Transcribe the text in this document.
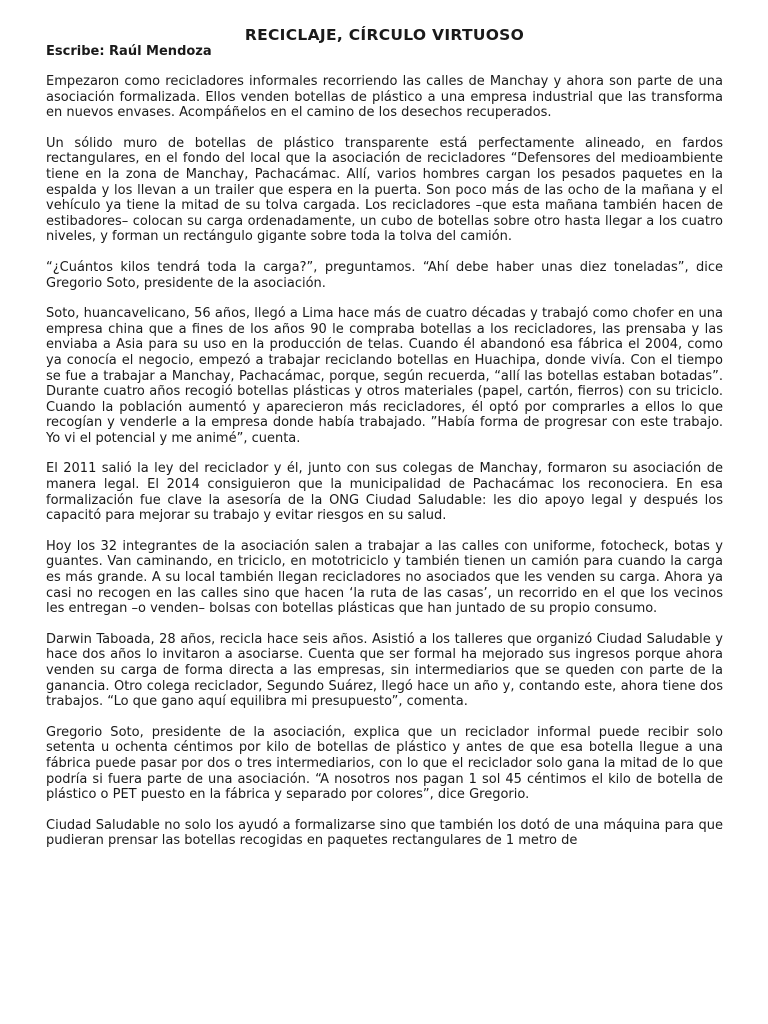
RECICLAJE, CÍRCULO VIRTUOSO
Escribe: Raúl Mendoza

Empezaron como recicladores informales recorriendo las calles de Manchay y ahora son parte de una asociación formalizada. Ellos venden botellas de plástico a una empresa industrial que las transforma en nuevos envases. Acompáñelos en el camino de los desechos recuperados.

Un sólido muro de botellas de plástico transparente está perfectamente alineado, en fardos rectangulares, en el fondo del local que la asociación de recicladores “Defensores del medioambiente tiene en la zona de Manchay, Pachacámac. Allí, varios hombres cargan los pesados paquetes en la espalda y los llevan a un trailer que espera en la puerta. Son poco más de las ocho de la mañana y el vehículo ya tiene la mitad de su tolva cargada. Los recicladores –que esta mañana también hacen de estibadores– colocan su carga ordenadamente, un cubo de botellas sobre otro hasta llegar a los cuatro niveles, y forman un rectángulo gigante sobre toda la tolva del camión.

“¿Cuántos kilos tendrá toda la carga?”, preguntamos. “Ahí debe haber unas diez toneladas”, dice Gregorio Soto, presidente de la asociación.

Soto, huancavelicano, 56 años, llegó a Lima hace más de cuatro décadas y trabajó como chofer en una empresa china que a fines de los años 90 le compraba botellas a los recicladores, las prensaba y las enviaba a Asia para su uso en la producción de telas. Cuando él abandonó esa fábrica el 2004, como ya conocía el negocio, empezó a trabajar reciclando botellas en Huachipa, donde vivía. Con el tiempo se fue a trabajar a Manchay, Pachacámac, porque, según recuerda, “allí las botellas estaban botadas”. Durante cuatro años recogió botellas plásticas y otros materiales (papel, cartón, fierros) con su triciclo. Cuando la población aumentó y aparecieron más recicladores, él optó por comprarles a ellos lo que recogían y venderle a la empresa donde había trabajado. ”Había forma de progresar con este trabajo. Yo vi el potencial y me animé”, cuenta.

El 2011 salió la ley del reciclador y él, junto con sus colegas de Manchay, formaron su asociación de manera legal. El 2014 consiguieron que la municipalidad de Pachacámac los reconociera. En esa formalización fue clave la asesoría de la ONG Ciudad Saludable: les dio apoyo legal y después los capacitó para mejorar su trabajo y evitar riesgos en su salud.

Hoy los 32 integrantes de la asociación salen a trabajar a las calles con uniforme, fotocheck, botas y guantes. Van caminando, en triciclo, en mototriciclo y también tienen un camión para cuando la carga es más grande. A su local también llegan recicladores no asociados que les venden su carga. Ahora ya casi no recogen en las calles sino que hacen ‘la ruta de las casas’, un recorrido en el que los vecinos les entregan –o venden– bolsas con botellas plásticas que han juntado de su propio consumo.

Darwin Taboada, 28 años, recicla hace seis años. Asistió a los talleres que organizó Ciudad Saludable y hace dos años lo invitaron a asociarse. Cuenta que ser formal ha mejorado sus ingresos porque ahora venden su carga de forma directa a las empresas, sin intermediarios que se queden con parte de la ganancia. Otro colega reciclador, Segundo Suárez, llegó hace un año y, contando este, ahora tiene dos trabajos. “Lo que gano aquí equilibra mi presupuesto”, comenta.

Gregorio Soto, presidente de la asociación, explica que un reciclador informal puede recibir solo setenta u ochenta céntimos por kilo de botellas de plástico y antes de que esa botella llegue a una fábrica puede pasar por dos o tres intermediarios, con lo que el reciclador solo gana la mitad de lo que podría si fuera parte de una asociación. “A nosotros nos pagan 1 sol 45 céntimos el kilo de botella de plástico o PET puesto en la fábrica y separado por colores”, dice Gregorio.

Ciudad Saludable no solo los ayudó a formalizarse sino que también los dotó de una máquina para que pudieran prensar las botellas recogidas en paquetes rectangulares de 1 metro de
